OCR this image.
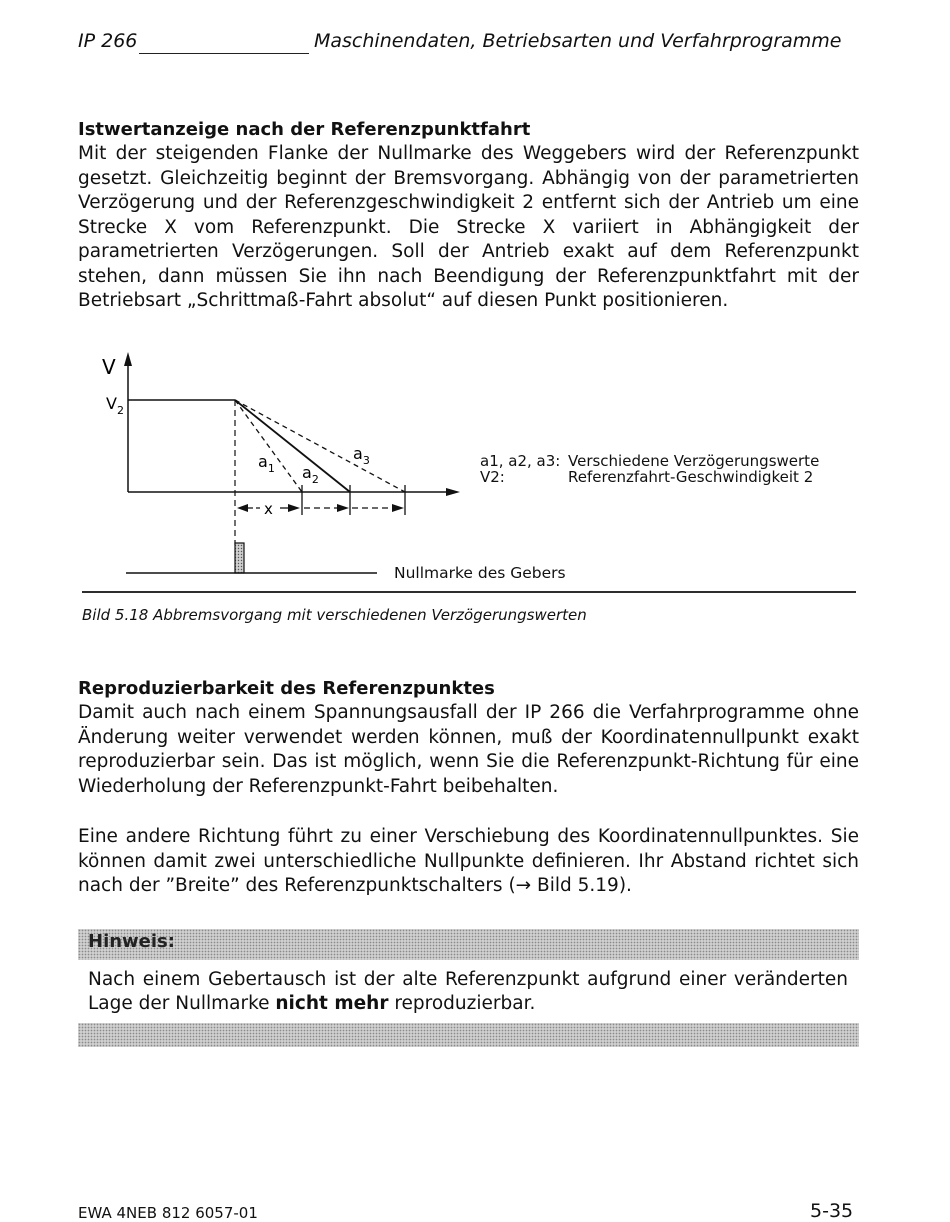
IP 266	Maschinendaten, Betriebsarten und Verfahrprogramme

Istwertanzeige nach der Referenzpunktfahrt

Mit der steigenden Flanke der Nullmarke des Weggebers wird der Referenzpunkt gesetzt. Gleichzeitig beginnt der Bremsvorgang. Abhängig von der parametrierten Verzögerung und der Referenzgeschwindigkeit 2 entfernt sich der Antrieb um eine Strecke X vom Referenzpunkt. Die Strecke X variiert in Abhängigkeit der parametrierten Verzögerungen. Soll der Antrieb exakt auf dem Referenzpunkt stehen, dann müssen Sie ihn nach Beendigung der Referenzpunktfahrt mit der Betriebsart „Schrittmaß-Fahrt absolut“ auf diesen Punkt positionieren.

V
$V_2$
$a_1$ $a_2$
$a_3$
x
a1, a2, a3: Verschiedene Verzögerungswerte
V2:	Referenzfahrt-Geschwindigkeit 2
Nullmarke des Gebers
Bild 5.18 Abbremsvorgang mit verschiedenen Verzögerungswerten

Reproduzierbarkeit des Referenzpunktes

Damit auch nach einem Spannungsausfall der IP 266 die Verfahrprogramme ohne Änderung weiter verwendet werden können, muß der Koordinatennullpunkt exakt reproduzierbar sein. Das ist möglich, wenn Sie die Referenzpunkt-Richtung für eine Wiederholung der Referenzpunkt-Fahrt beibehalten.

Eine andere Richtung führt zu einer Verschiebung des Koordinatennullpunktes. Sie können damit zwei unterschiedliche Nullpunkte definieren. Ihr Abstand richtet sich nach der ”Breite” des Referenzpunktschalters (→ Bild 5.19).

Hinweis:
Nach einem Gebertausch ist der alte Referenzpunkt aufgrund einer veränderten Lage der Nullmarke nicht mehr reproduzierbar.
EWA 4NEB 812 6057-01	5-35
